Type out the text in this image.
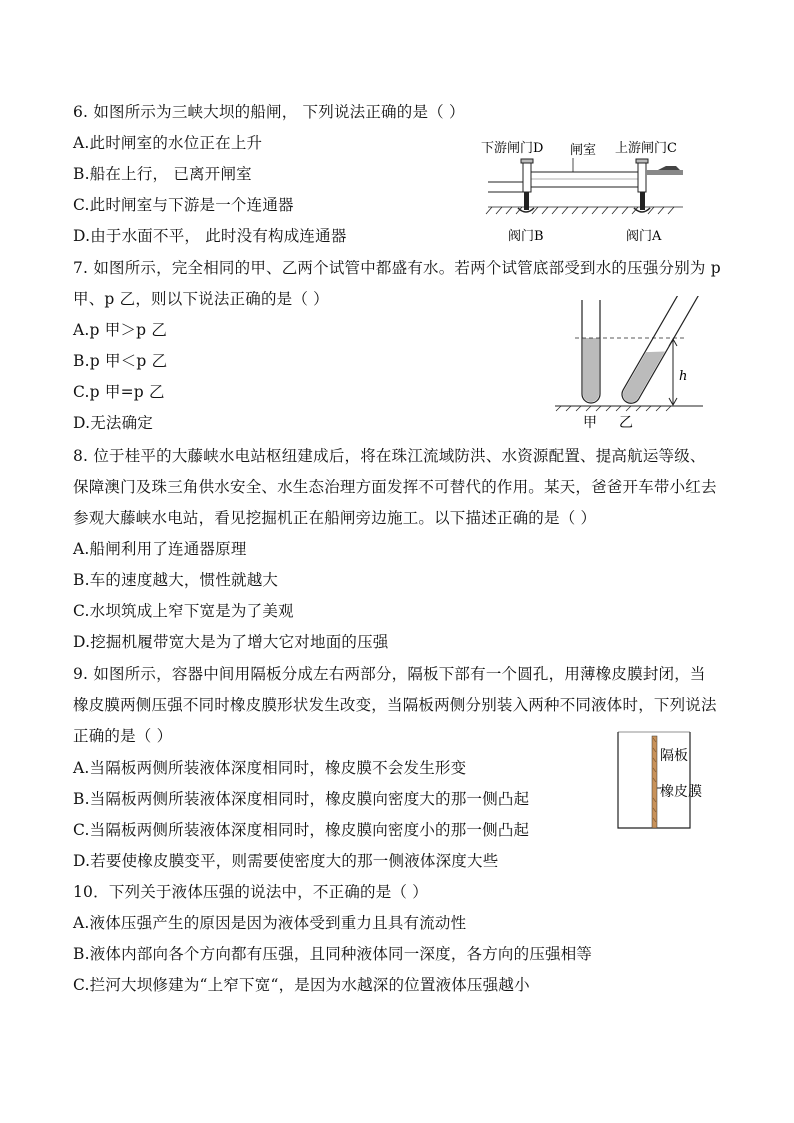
6. 如图所示为三峡大坝的船闸， 下列说法正确的是（ ）
A.此时闸室的水位正在上升
B.船在上行， 已离开闸室
C.此时闸室与下游是一个连通器
D.由于水面不平， 此时没有构成连通器
下游闸门D 闸室 上游闸门C
阀门B	阀门A
7. 如图所示，完全相同的甲、乙两个试管中都盛有水。若两个试管底部受到水的压强分别为 p
甲、p 乙，则以下说法正确的是（ ）
A.p 甲＞p 乙
B.p 甲＜p 乙
C.p 甲=p 乙
D.无法确定
h
甲 乙
8. 位于桂平的大藤峡水电站枢纽建成后，将在珠江流域防洪、水资源配置、提高航运等级、
保障澳门及珠三角供水安全、水生态治理方面发挥不可替代的作用。某天，爸爸开车带小红去
参观大藤峡水电站，看见挖掘机正在船闸旁边施工。以下描述正确的是（ ）
A.船闸利用了连通器原理
B.车的速度越大，惯性就越大
C.水坝筑成上窄下宽是为了美观
D.挖掘机履带宽大是为了增大它对地面的压强
9. 如图所示，容器中间用隔板分成左右两部分，隔板下部有一个圆孔，用薄橡皮膜封闭，当
橡皮膜两侧压强不同时橡皮膜形状发生改变，当隔板两侧分别装入两种不同液体时，下列说法
正确的是（ ）
A.当隔板两侧所装液体深度相同时，橡皮膜不会发生形变
B.当隔板两侧所装液体深度相同时，橡皮膜向密度大的那一侧凸起
C.当隔板两侧所装液体深度相同时，橡皮膜向密度小的那一侧凸起
D.若要使橡皮膜变平，则需要使密度大的那一侧液体深度大些
隔板
橡皮膜
10．下列关于液体压强的说法中，不正确的是（ ）
A.液体压强产生的原因是因为液体受到重力且具有流动性
B.液体内部向各个方向都有压强，且同种液体同一深度，各方向的压强相等
C.拦河大坝修建为“上窄下宽“，是因为水越深的位置液体压强越小
